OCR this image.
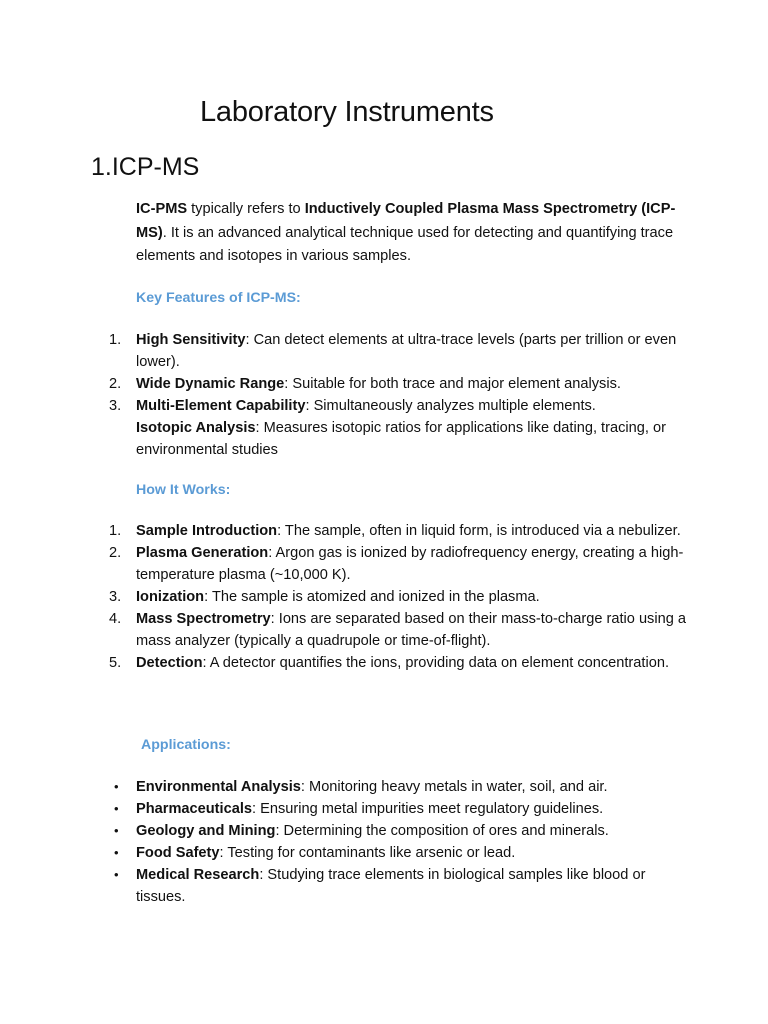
Laboratory Instruments
1.ICP-MS

IC-PMS typically refers to Inductively Coupled Plasma Mass Spectrometry (ICP-MS). It is an advanced analytical technique used for detecting and quantifying trace elements and isotopes in various samples.

Key Features of ICP-MS:
1. High Sensitivity: Can detect elements at ultra-trace levels (parts per trillion or even lower).
2. Wide Dynamic Range: Suitable for both trace and major element analysis.
3. Multi-Element Capability: Simultaneously analyzes multiple elements.
Isotopic Analysis: Measures isotopic ratios for applications like dating, tracing, or environmental studies
How It Works:
1. Sample Introduction: The sample, often in liquid form, is introduced via a nebulizer.
2. Plasma Generation: Argon gas is ionized by radiofrequency energy, creating a high-temperature plasma (~10,000 K).
3. Ionization: The sample is atomized and ionized in the plasma.
4. Mass Spectrometry: Ions are separated based on their mass-to-charge ratio using a mass analyzer (typically a quadrupole or time-of-flight).
5. Detection: A detector quantifies the ions, providing data on element concentration.
Applications:
• Environmental Analysis: Monitoring heavy metals in water, soil, and air.
• Pharmaceuticals: Ensuring metal impurities meet regulatory guidelines.
• Geology and Mining: Determining the composition of ores and minerals.
• Food Safety: Testing for contaminants like arsenic or lead.
• Medical Research: Studying trace elements in biological samples like blood or tissues.
